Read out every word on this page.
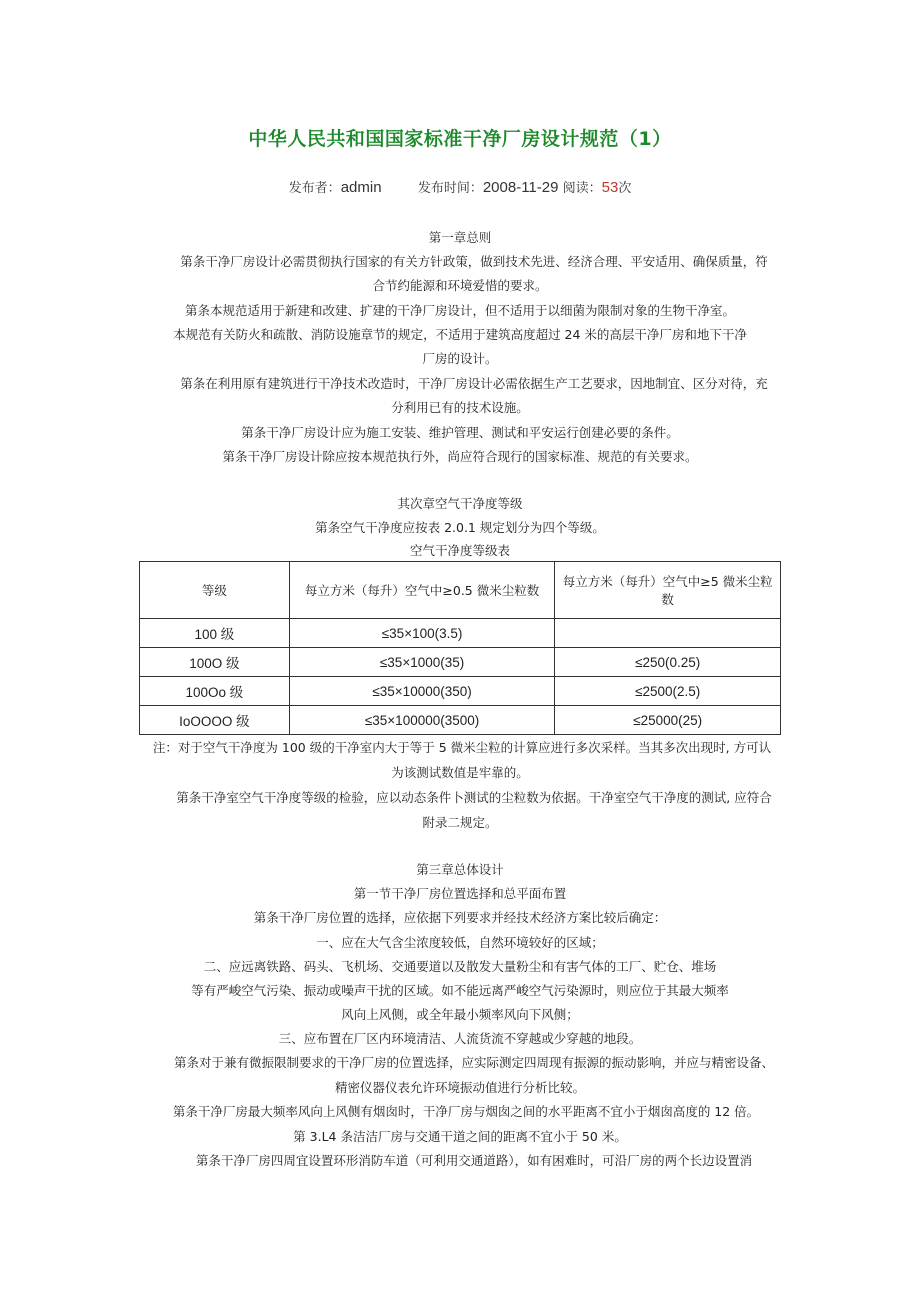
中华人民共和国国家标准干净厂房设计规范（1）
发布者：admin	发布时间：2008-11-29 阅读：53次
第一章总则
第条干净厂房设计必需贯彻执行国家的有关方针政策，做到技术先进、经济合理、平安适用、确保质量，符
合节约能源和环境爱惜的要求。
第条本规范适用于新建和改建、扩建的干净厂房设计，但不适用于以细菌为限制对象的生物干净室。
本规范有关防火和疏散、消防设施章节的规定，不适用于建筑高度超过 24 米的高层干净厂房和地下干净
厂房的设计。
第条在利用原有建筑进行干净技术改造时，干净厂房设计必需依据生产工艺要求，因地制宜、区分对待，充
分利用已有的技术设施。
第条干净厂房设计应为施工安装、维护管理、测试和平安运行创建必要的条件。
第条干净厂房设计除应按本规范执行外，尚应符合现行的国家标准、规范的有关要求。
其次章空气干净度等级
第条空气干净度应按表 2.0.1 规定划分为四个等级。
空气干净度等级表
等级	每立方米（每升）空气中≥0.5 微米尘粒数	每立方米（每升）空气中≥5 微米尘粒数
100 级	≤35×100(3.5)	
100O 级	≤35×1000(35)	≤250(0.25)
100Oo 级	≤35×10000(350)	≤2500(2.5)
IoOOOO 级	≤35×100000(3500)	≤25000(25)
注：对于空气干净度为 100 级的干净室内大于等于 5 微米尘粒的计算应进行多次采样。当其多次出现时, 方可认
为该测试数值是牢靠的。
第条干净室空气干净度等级的检验，应以动态条件卜测试的尘粒数为依据。干净室空气干净度的测试, 应符合
附录二规定。
第三章总体设计
第一节干净厂房位置选择和总平面布置
第条干净厂房位置的选择，应依据下列要求并经技术经济方案比较后确定：
一、应在大气含尘浓度较低，自然环境较好的区域；
二、应远离铁路、码头、飞机场、交通要道以及散发大量粉尘和有害气体的工厂、贮仓、堆场
等有严峻空气污染、振动或噪声干扰的区域。如不能远离严峻空气污染源时，则应位于其最大频率
风向上风侧，或全年最小频率风向下风侧；
三、应布置在厂区内环境清洁、人流货流不穿越或少穿越的地段。
第条对于兼有微振限制要求的干净厂房的位置选择，应实际测定四周现有振源的振动影响，并应与精密设备、
精密仪器仪表允许环境振动值进行分析比较。
第条干净厂房最大频率风向上风侧有烟囱时，干净厂房与烟囱之间的水平距离不宜小于烟囱高度的 12 倍。
第 3.L4 条洁洁厂房与交通干道之间的距离不宜小于 50 米。
第条干净厂房四周宜设置环形消防车道（可利用交通道路），如有困难时，可沿厂房的两个长边设置消
